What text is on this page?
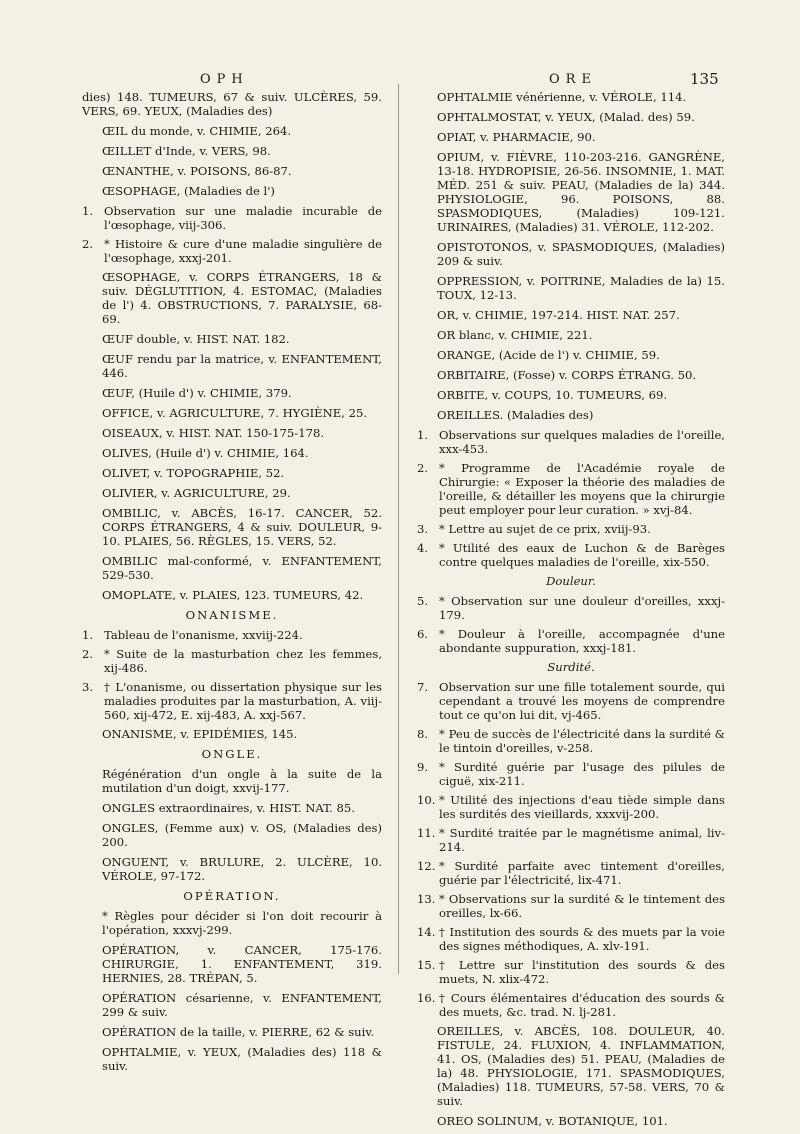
OPH	ORE	135
dies) 148. TUMEURS, 67 & suiv. ULCÈRES, 59. VERS, 69. YEUX, (Maladies des)
ŒIL du monde, v. CHIMIE, 264.
ŒILLET d'Inde, v. VERS, 98.
ŒNANTHE, v. POISONS, 86-87.
ŒSOPHAGE, (Maladies de l')
1. Observation sur une maladie incurable de l'œsophage, viij-306.
2. * Histoire & cure d'une maladie singulière de l'œsophage, xxxj-201.
ŒSOPHAGE, v. CORPS ÉTRANGERS, 18 & suiv. DÉGLUTITION, 4. ESTOMAC, (Maladies de l') 4. OBSTRUCTIONS, 7. PARALYSIE, 68-69.
ŒUF double, v. HIST. NAT. 182.
ŒUF rendu par la matrice, v. ENFANTEMENT, 446.
ŒUF, (Huile d') v. CHIMIE, 379.
OFFICE, v. AGRICULTURE, 7. HYGIÈNE, 25.
OISEAUX, v. HIST. NAT. 150-175-178.
OLIVES, (Huile d') v. CHIMIE, 164.
OLIVET, v. TOPOGRAPHIE, 52.
OLIVIER, v. AGRICULTURE, 29.
OMBILIC, v. ABCÈS, 16-17. CANCER, 52. CORPS ÉTRANGERS, 4 & suiv. DOULEUR, 9-10. PLAIES, 56. RÈGLES, 15. VERS, 52.
OMBILIC mal-conformé, v. ENFANTEMENT, 529-530.
OMOPLATE, v. PLAIES, 123. TUMEURS, 42.
ONANISME.
1. Tableau de l'onanisme, xxviij-224.
2. * Suite de la masturbation chez les femmes, xij-486.
3. † L'onanisme, ou dissertation physique sur les maladies produites par la masturbation, A. viij-560, xij-472, E. xij-483, A. xxj-567.
ONANISME, v. EPIDÉMIES, 145.
ONGLE.
Régénération d'un ongle à la suite de la mutilation d'un doigt, xxvij-177.
ONGLES extraordinaires, v. HIST. NAT. 85.
ONGLES, (Femme aux) v. OS, (Maladies des) 200.
ONGUENT, v. BRULURE, 2. ULCÈRE, 10. VÉROLE, 97-172.
OPÉRATION.
* Règles pour décider si l'on doit recourir à l'opération, xxxvj-299.
OPÉRATION, v. CANCER, 175-176. CHIRURGIE, 1. ENFANTEMENT, 319. HERNIES, 28. TRÉPAN, 5.
OPÉRATION césarienne, v. ENFANTEMENT, 299 & suiv.
OPÉRATION de la taille, v. PIERRE, 62 & suiv.
OPHTALMIE, v. YEUX, (Maladies des) 118 & suiv.
OPHTALMIE vénérienne, v. VÉROLE, 114.
OPHTALMOSTAT, v. YEUX, (Malad. des) 59.
OPIAT, v. PHARMACIE, 90.
OPIUM, v. FIÈVRE, 110-203-216. GANGRÈNE, 13-18. HYDROPISIE, 26-56. INSOMNIE, 1. MAT. MÉD. 251 & suiv. PEAU, (Maladies de la) 344. PHYSIOLOGIE, 96. POISONS, 88. SPASMODIQUES, (Maladies) 109-121. URINAIRES, (Maladies) 31. VÉROLE, 112-202.
OPISTOTONOS, v. SPASMODIQUES, (Maladies) 209 & suiv.
OPPRESSION, v. POITRINE, Maladies de la) 15. TOUX, 12-13.
OR, v. CHIMIE, 197-214. HIST. NAT. 257.
OR blanc, v. CHIMIE, 221.
ORANGE, (Acide de l') v. CHIMIE, 59.
ORBITAIRE, (Fosse) v. CORPS ÉTRANG. 50.
ORBITE, v. COUPS, 10. TUMEURS, 69.
OREILLES. (Maladies des)
1. Observations sur quelques maladies de l'oreille, xxx-453.
2. * Programme de l'Académie royale de Chirurgie: « Exposer la théorie des maladies de l'oreille, & détailler les moyens que la chirurgie peut employer pour leur curation. » xvj-84.
3. * Lettre au sujet de ce prix, xviij-93.
4. * Utilité des eaux de Luchon & de Barèges contre quelques maladies de l'oreille, xix-550.
Douleur.
5. * Observation sur une douleur d'oreilles, xxxj-179.
6. * Douleur à l'oreille, accompagnée d'une abondante suppuration, xxxj-181.
Surdité.
7. Observation sur une fille totalement sourde, qui cependant a trouvé les moyens de comprendre tout ce qu'on lui dit, vj-465.
8. * Peu de succès de l'électricité dans la surdité & le tintoin d'oreilles, v-258.
9. * Surdité guérie par l'usage des pilules de ciguë, xix-211.
10. * Utilité des injections d'eau tiède simple dans les surdités des vieillards, xxxvij-200.
11. * Surdité traitée par le magnétisme animal, liv-214.
12. * Surdité parfaite avec tintement d'oreilles, guérie par l'électricité, lix-471.
13. * Observations sur la surdité & le tintement des oreilles, lx-66.
14. † Institution des sourds & des muets par la voie des signes méthodiques, A. xlv-191.
15. † Lettre sur l'institution des sourds & des muets, N. xlix-472.
16. † Cours élémentaires d'éducation des sourds & des muets, &c. trad. N. lj-281.
OREILLES, v. ABCÈS, 108. DOULEUR, 40. FISTULE, 24. FLUXION, 4. INFLAMMATION, 41. OS, (Maladies des) 51. PEAU, (Maladies de la) 48. PHYSIOLOGIE, 171. SPASMODIQUES, (Maladies) 118. TUMEURS, 57-58. VERS, 70 & suiv.
OREO SOLINUM, v. BOTANIQUE, 101.
